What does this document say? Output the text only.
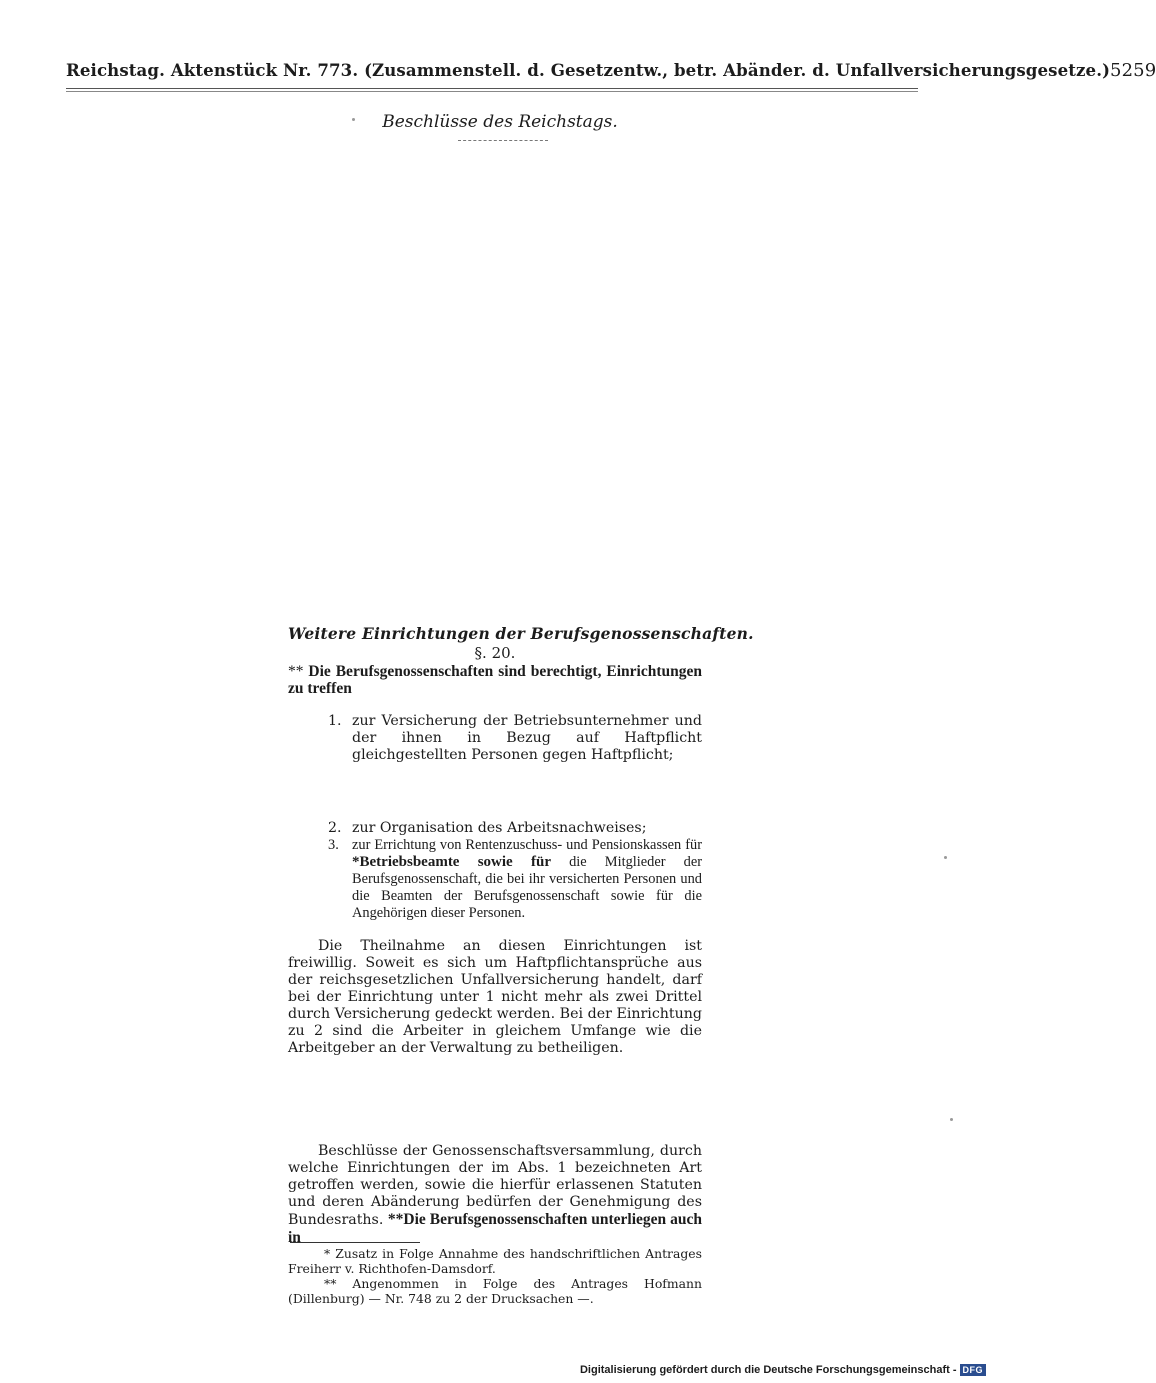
Reichstag. Aktenstück Nr. 773. (Zusammenstell. d. Gesetzentw., betr. Abänder. d. Unfallversicherungsgesetze.) 5259
Beschlüsse des Reichstags.
Weitere Einrichtungen der Berufsgenossenschaften.
§. 20.
** Die Berufsgenossenschaften sind berechtigt, Einrichtungen zu treffen
1. zur Versicherung der Betriebsunternehmer und der ihnen in Bezug auf Haftpflicht gleichgestellten Personen gegen Haftpflicht;
2. zur Organisation des Arbeitsnachweises;
3. zur Errichtung von Rentenzuschuss- und Pensionskassen für *Betriebsbeamte sowie für die Mitglieder der Berufsgenossenschaft, die bei ihr versicherten Personen und die Beamten der Berufsgenossenschaft sowie für die Angehörigen dieser Personen.
Die Theilnahme an diesen Einrichtungen ist freiwillig. Soweit es sich um Haftpflichtansprüche aus der reichsgesetzlichen Unfallversicherung handelt, darf bei der Einrichtung unter 1 nicht mehr als zwei Drittel durch Versicherung gedeckt werden. Bei der Einrichtung zu 2 sind die Arbeiter in gleichem Umfange wie die Arbeitgeber an der Verwaltung zu betheiligen.
Beschlüsse der Genossenschaftsversammlung, durch welche Einrichtungen der im Abs. 1 bezeichneten Art getroffen werden, sowie die hierfür erlassenen Statuten und deren Abänderung bedürfen der Genehmigung des Bundesraths. **Die Berufsgenossenschaften unterliegen auch in

* Zusatz in Folge Annahme des handschriftlichen Antrages Freiherr v. Richthofen-Damsdorf.

** Angenommen in Folge des Antrages Hofmann (Dillenburg) — Nr. 748 zu 2 der Drucksachen —.

Digitalisierung gefördert durch die Deutsche Forschungsgemeinschaft - DFG
